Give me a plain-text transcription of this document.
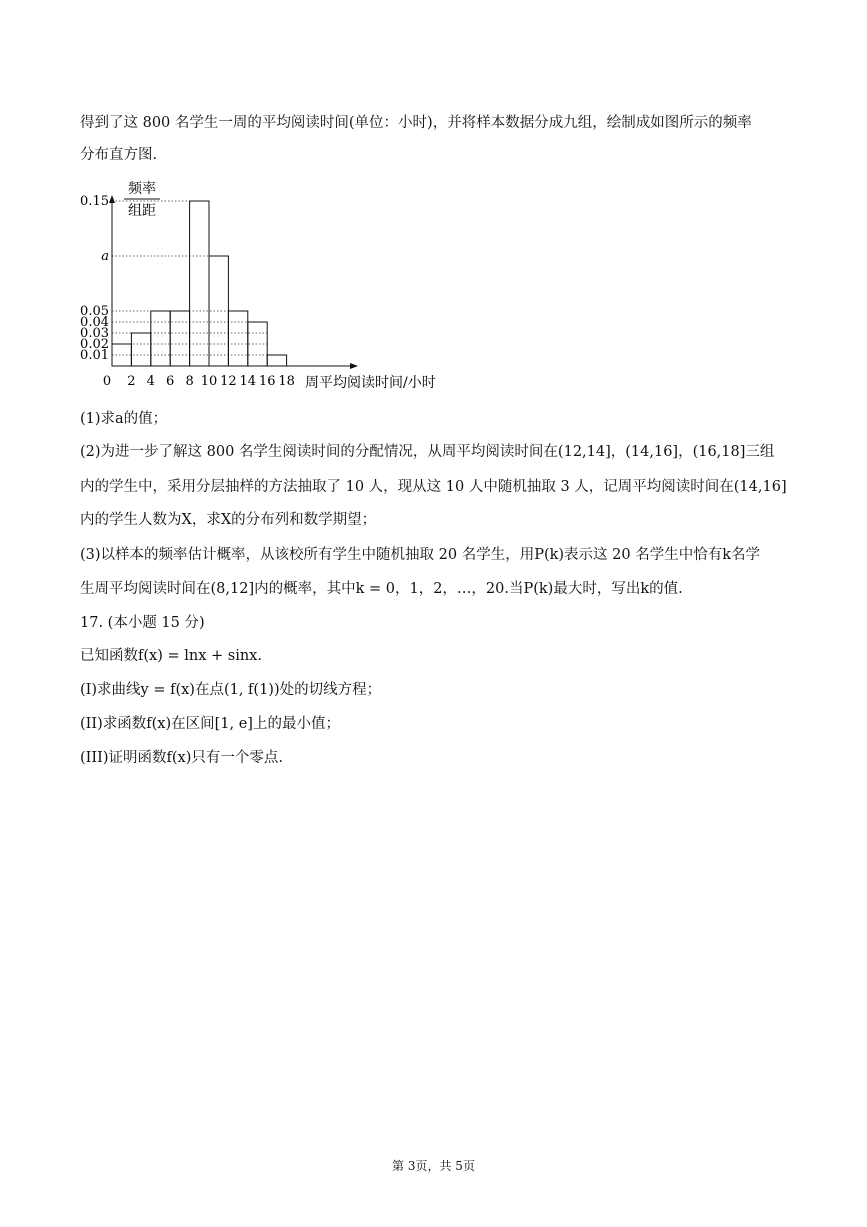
得到了这 800 名学生一周的平均阅读时间(单位：小时)，并将样本数据分成九组，绘制成如图所示的频率
分布直方图.
频率
组距
周平均阅读时间/小时
0.01
0.02
0.03
0.04
0.05
a
0.15
0 2 4 6 8 10 12 14 16 18
(1)求a的值；
(2)为进一步了解这 800 名学生阅读时间的分配情况，从周平均阅读时间在(12,14]，(14,16]，(16,18]三组
内的学生中，采用分层抽样的方法抽取了 10 人，现从这 10 人中随机抽取 3 人，记周平均阅读时间在(14,16]
内的学生人数为X，求X的分布列和数学期望；
(3)以样本的频率估计概率，从该校所有学生中随机抽取 20 名学生，用P(k)表示这 20 名学生中恰有k名学
生周平均阅读时间在(8,12]内的概率，其中k = 0，1，2，…，20.当P(k)最大时，写出k的值.
17. (本小题 15 分)
已知函数f(x) = lnx + sinx.
(I)求曲线y = f(x)在点(1, f(1))处的切线方程；
(II)求函数f(x)在区间[1, e]上的最小值；
(III)证明函数f(x)只有一个零点.
第 3页，共 5页
